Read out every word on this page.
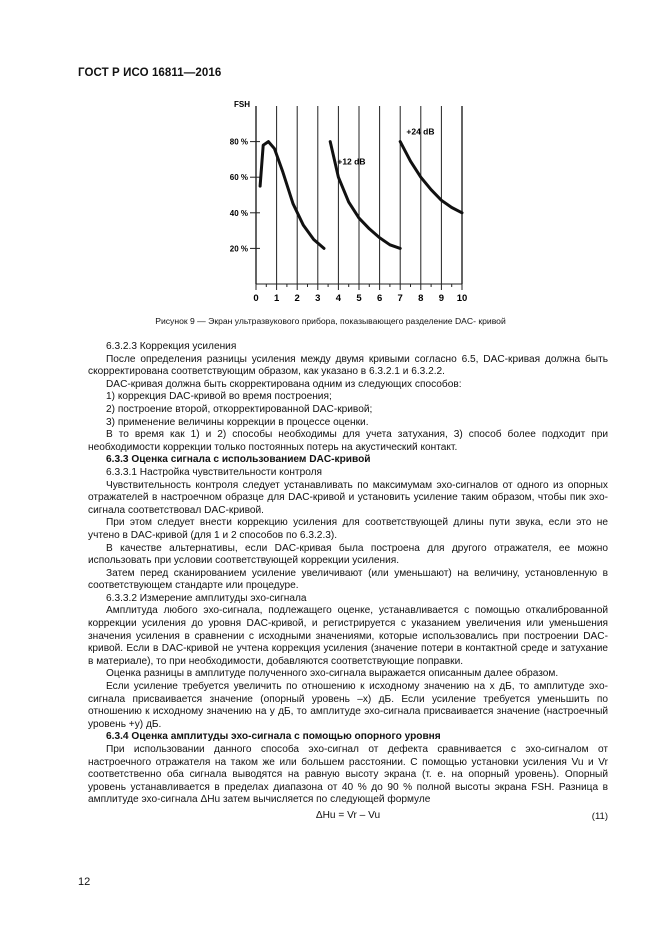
ГОСТ Р ИСО 16811—2016
FSH
80 %
60 %
40 %
20 %
0 1 2 3 4 5 6 7 8 9 10
+12 dB
+24 dB
Рисунок 9 — Экран ультразвукового прибора, показывающего разделение DAC- кривой

6.3.2.3 Коррекция усиления

После определения разницы усиления между двумя кривыми согласно 6.5, DAC-кривая должна быть скорректирована соответствующим образом, как указано в 6.3.2.1 и 6.3.2.2.

DAC-кривая должна быть скорректирована одним из следующих способов:

1) коррекция DAC-кривой во время построения;

2) построение второй, откорректированной DAC-кривой;

3) применение величины коррекции в процессе оценки.

В то время как 1) и 2) способы необходимы для учета затухания, 3) способ более подходит при необходимости коррекции только постоянных потерь на акустический контакт.

6.3.3 Оценка сигнала с использованием DAC-кривой

6.3.3.1 Настройка чувствительности контроля

Чувствительность контроля следует устанавливать по максимумам эхо-сигналов от одного из опорных отражателей в настроечном образце для DAC-кривой и установить усиление таким образом, чтобы пик эхо-сигнала соответствовал DAC-кривой.

При этом следует внести коррекцию усиления для соответствующей длины пути звука, если это не учтено в DAC-кривой (для 1 и 2 способов по 6.3.2.3).

В качестве альтернативы, если DAC-кривая была построена для другого отражателя, ее можно использовать при условии соответствующей коррекции усиления.

Затем перед сканированием усиление увеличивают (или уменьшают) на величину, установленную в соответствующем стандарте или процедуре.

6.3.3.2 Измерение амплитуды эхо-сигнала

Амплитуда любого эхо-сигнала, подлежащего оценке, устанавливается с помощью откалиброванной коррекции усиления до уровня DAC-кривой, и регистрируется с указанием увеличения или уменьшения значения усиления в сравнении с исходными значениями, которые использовались при построении DAC-кривой. Если в DAC-кривой не учтена коррекция усиления (значение потери в контактной среде и затухание в материале), то при необходимости, добавляются соответствующие поправки.

Оценка разницы в амплитуде полученного эхо-сигнала выражается описанным далее образом.

Если усиление требуется увеличить по отношению к исходному значению на x дБ, то амплитуде эхо-сигнала присваивается значение (опорный уровень –x) дБ. Если усиление требуется уменьшить по отношению к исходному значению на y дБ, то амплитуде эхо-сигнала присваивается значение (настроечный уровень +y) дБ.

6.3.4 Оценка амплитуды эхо-сигнала с помощью опорного уровня

При использовании данного способа эхо-сигнал от дефекта сравнивается с эхо-сигналом от настроечного отражателя на таком же или большем расстоянии. С помощью установки усиления Vu и Vr соответственно оба сигнала выводятся на равную высоту экрана (т. е. на опорный уровень). Опорный уровень устанавливается в пределах диапазона от 40 % до 90 % полной высоты экрана FSH. Разница в амплитуде эхо-сигнала ΔHu затем вычисляется по следующей формуле

ΔHu = Vr – Vu	(11)
12
